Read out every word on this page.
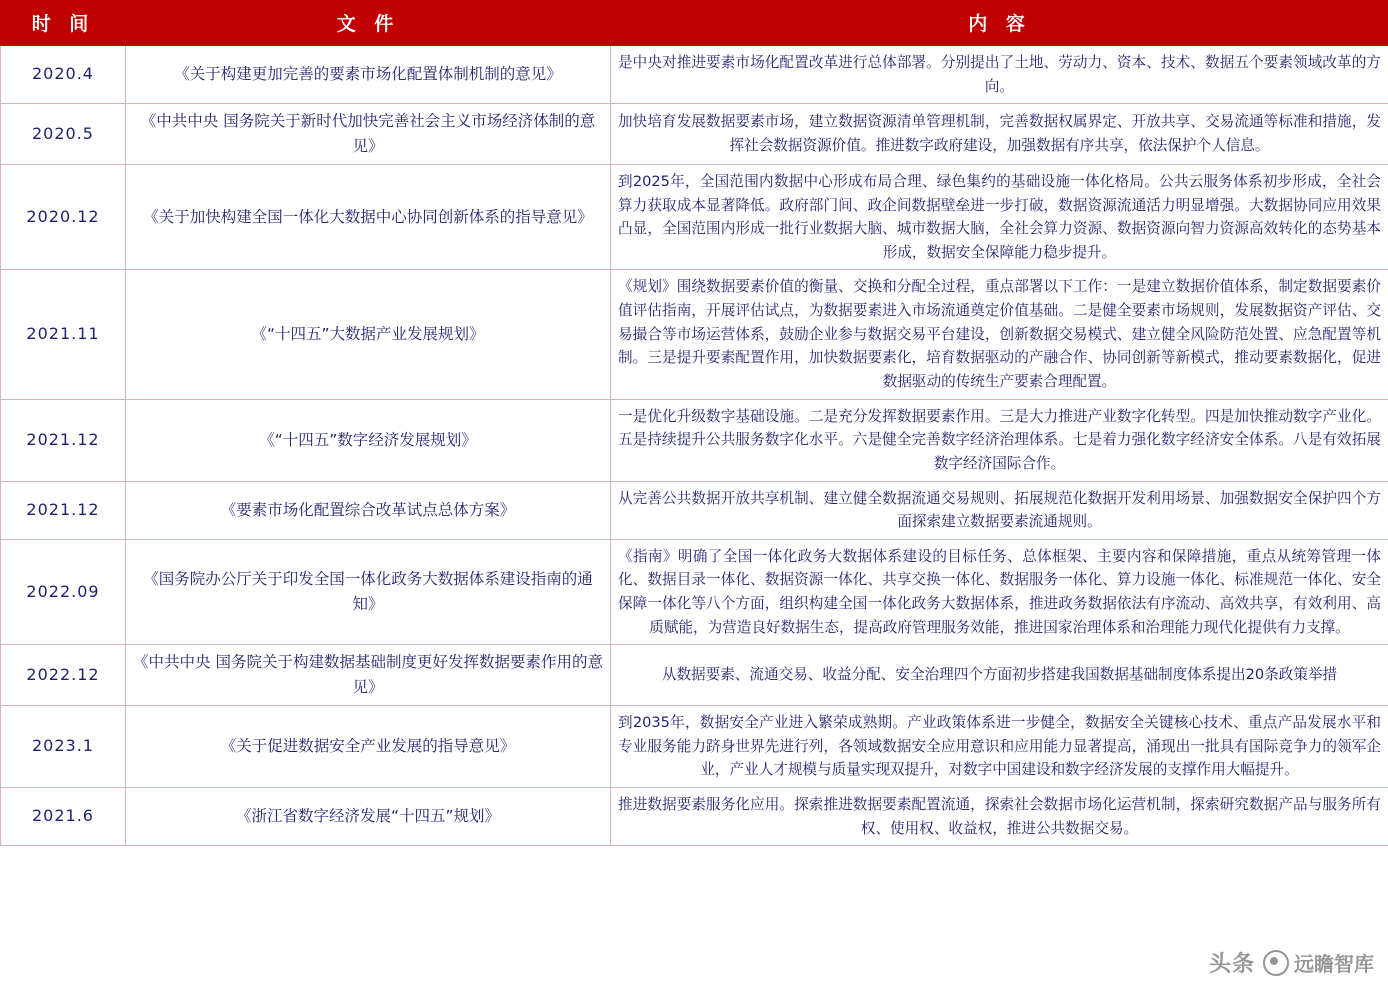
时 间	文 件	内 容
2020.4	《关于构建更加完善的要素市场化配置体制机制的意见》	是中央对推进要素市场化配置改革进行总体部署。分别提出了土地、劳动力、资本、技术、数据五个要素领域改革的方向。
2020.5	《中共中央 国务院关于新时代加快完善社会主义市场经济体制的意见》	加快培育发展数据要素市场，建立数据资源清单管理机制，完善数据权属界定、开放共享、交易流通等标准和措施，发挥社会数据资源价值。推进数字政府建设，加强数据有序共享，依法保护个人信息。
2020.12	《关于加快构建全国一体化大数据中心协同创新体系的指导意见》	到2025年，全国范围内数据中心形成布局合理、绿色集约的基础设施一体化格局。公共云服务体系初步形成，全社会算力获取成本显著降低。政府部门间、政企间数据壁垒进一步打破，数据资源流通活力明显增强。大数据协同应用效果凸显，全国范围内形成一批行业数据大脑、城市数据大脑，全社会算力资源、数据资源向智力资源高效转化的态势基本形成，数据安全保障能力稳步提升。
2021.11	《“十四五”大数据产业发展规划》	《规划》围绕数据要素价值的衡量、交换和分配全过程，重点部署以下工作：一是建立数据价值体系，制定数据要素价值评估指南，开展评估试点，为数据要素进入市场流通奠定价值基础。二是健全要素市场规则，发展数据资产评估、交易撮合等市场运营体系，鼓励企业参与数据交易平台建设，创新数据交易模式、建立健全风险防范处置、应急配置等机制。三是提升要素配置作用，加快数据要素化，培育数据驱动的产融合作、协同创新等新模式，推动要素数据化，促进数据驱动的传统生产要素合理配置。
2021.12	《“十四五”数字经济发展规划》	一是优化升级数字基础设施。二是充分发挥数据要素作用。三是大力推进产业数字化转型。四是加快推动数字产业化。五是持续提升公共服务数字化水平。六是健全完善数字经济治理体系。七是着力强化数字经济安全体系。八是有效拓展数字经济国际合作。
2021.12	《要素市场化配置综合改革试点总体方案》	从完善公共数据开放共享机制、建立健全数据流通交易规则、拓展规范化数据开发利用场景、加强数据安全保护四个方面探索建立数据要素流通规则。
2022.09	《国务院办公厅关于印发全国一体化政务大数据体系建设指南的通知》	《指南》明确了全国一体化政务大数据体系建设的目标任务、总体框架、主要内容和保障措施，重点从统筹管理一体化、数据目录一体化、数据资源一体化、共享交换一体化、数据服务一体化、算力设施一体化、标准规范一体化、安全保障一体化等八个方面，组织构建全国一体化政务大数据体系，推进政务数据依法有序流动、高效共享，有效利用、高质赋能，为营造良好数据生态，提高政府管理服务效能，推进国家治理体系和治理能力现代化提供有力支撑。
2022.12	《中共中央 国务院关于构建数据基础制度更好发挥数据要素作用的意见》	从数据要素、流通交易、收益分配、安全治理四个方面初步搭建我国数据基础制度体系提出20条政策举措
2023.1	《关于促进数据安全产业发展的指导意见》	到2035年，数据安全产业进入繁荣成熟期。产业政策体系进一步健全，数据安全关键核心技术、重点产品发展水平和专业服务能力跻身世界先进行列，各领域数据安全应用意识和应用能力显著提高，涌现出一批具有国际竞争力的领军企业，产业人才规模与质量实现双提升，对数字中国建设和数字经济发展的支撑作用大幅提升。
2021.6	《浙江省数字经济发展“十四五”规划》	推进数据要素服务化应用。探索推进数据要素配置流通，探索社会数据市场化运营机制，探索研究数据产品与服务所有权、使用权、收益权，推进公共数据交易。
头条 远瞻智库
